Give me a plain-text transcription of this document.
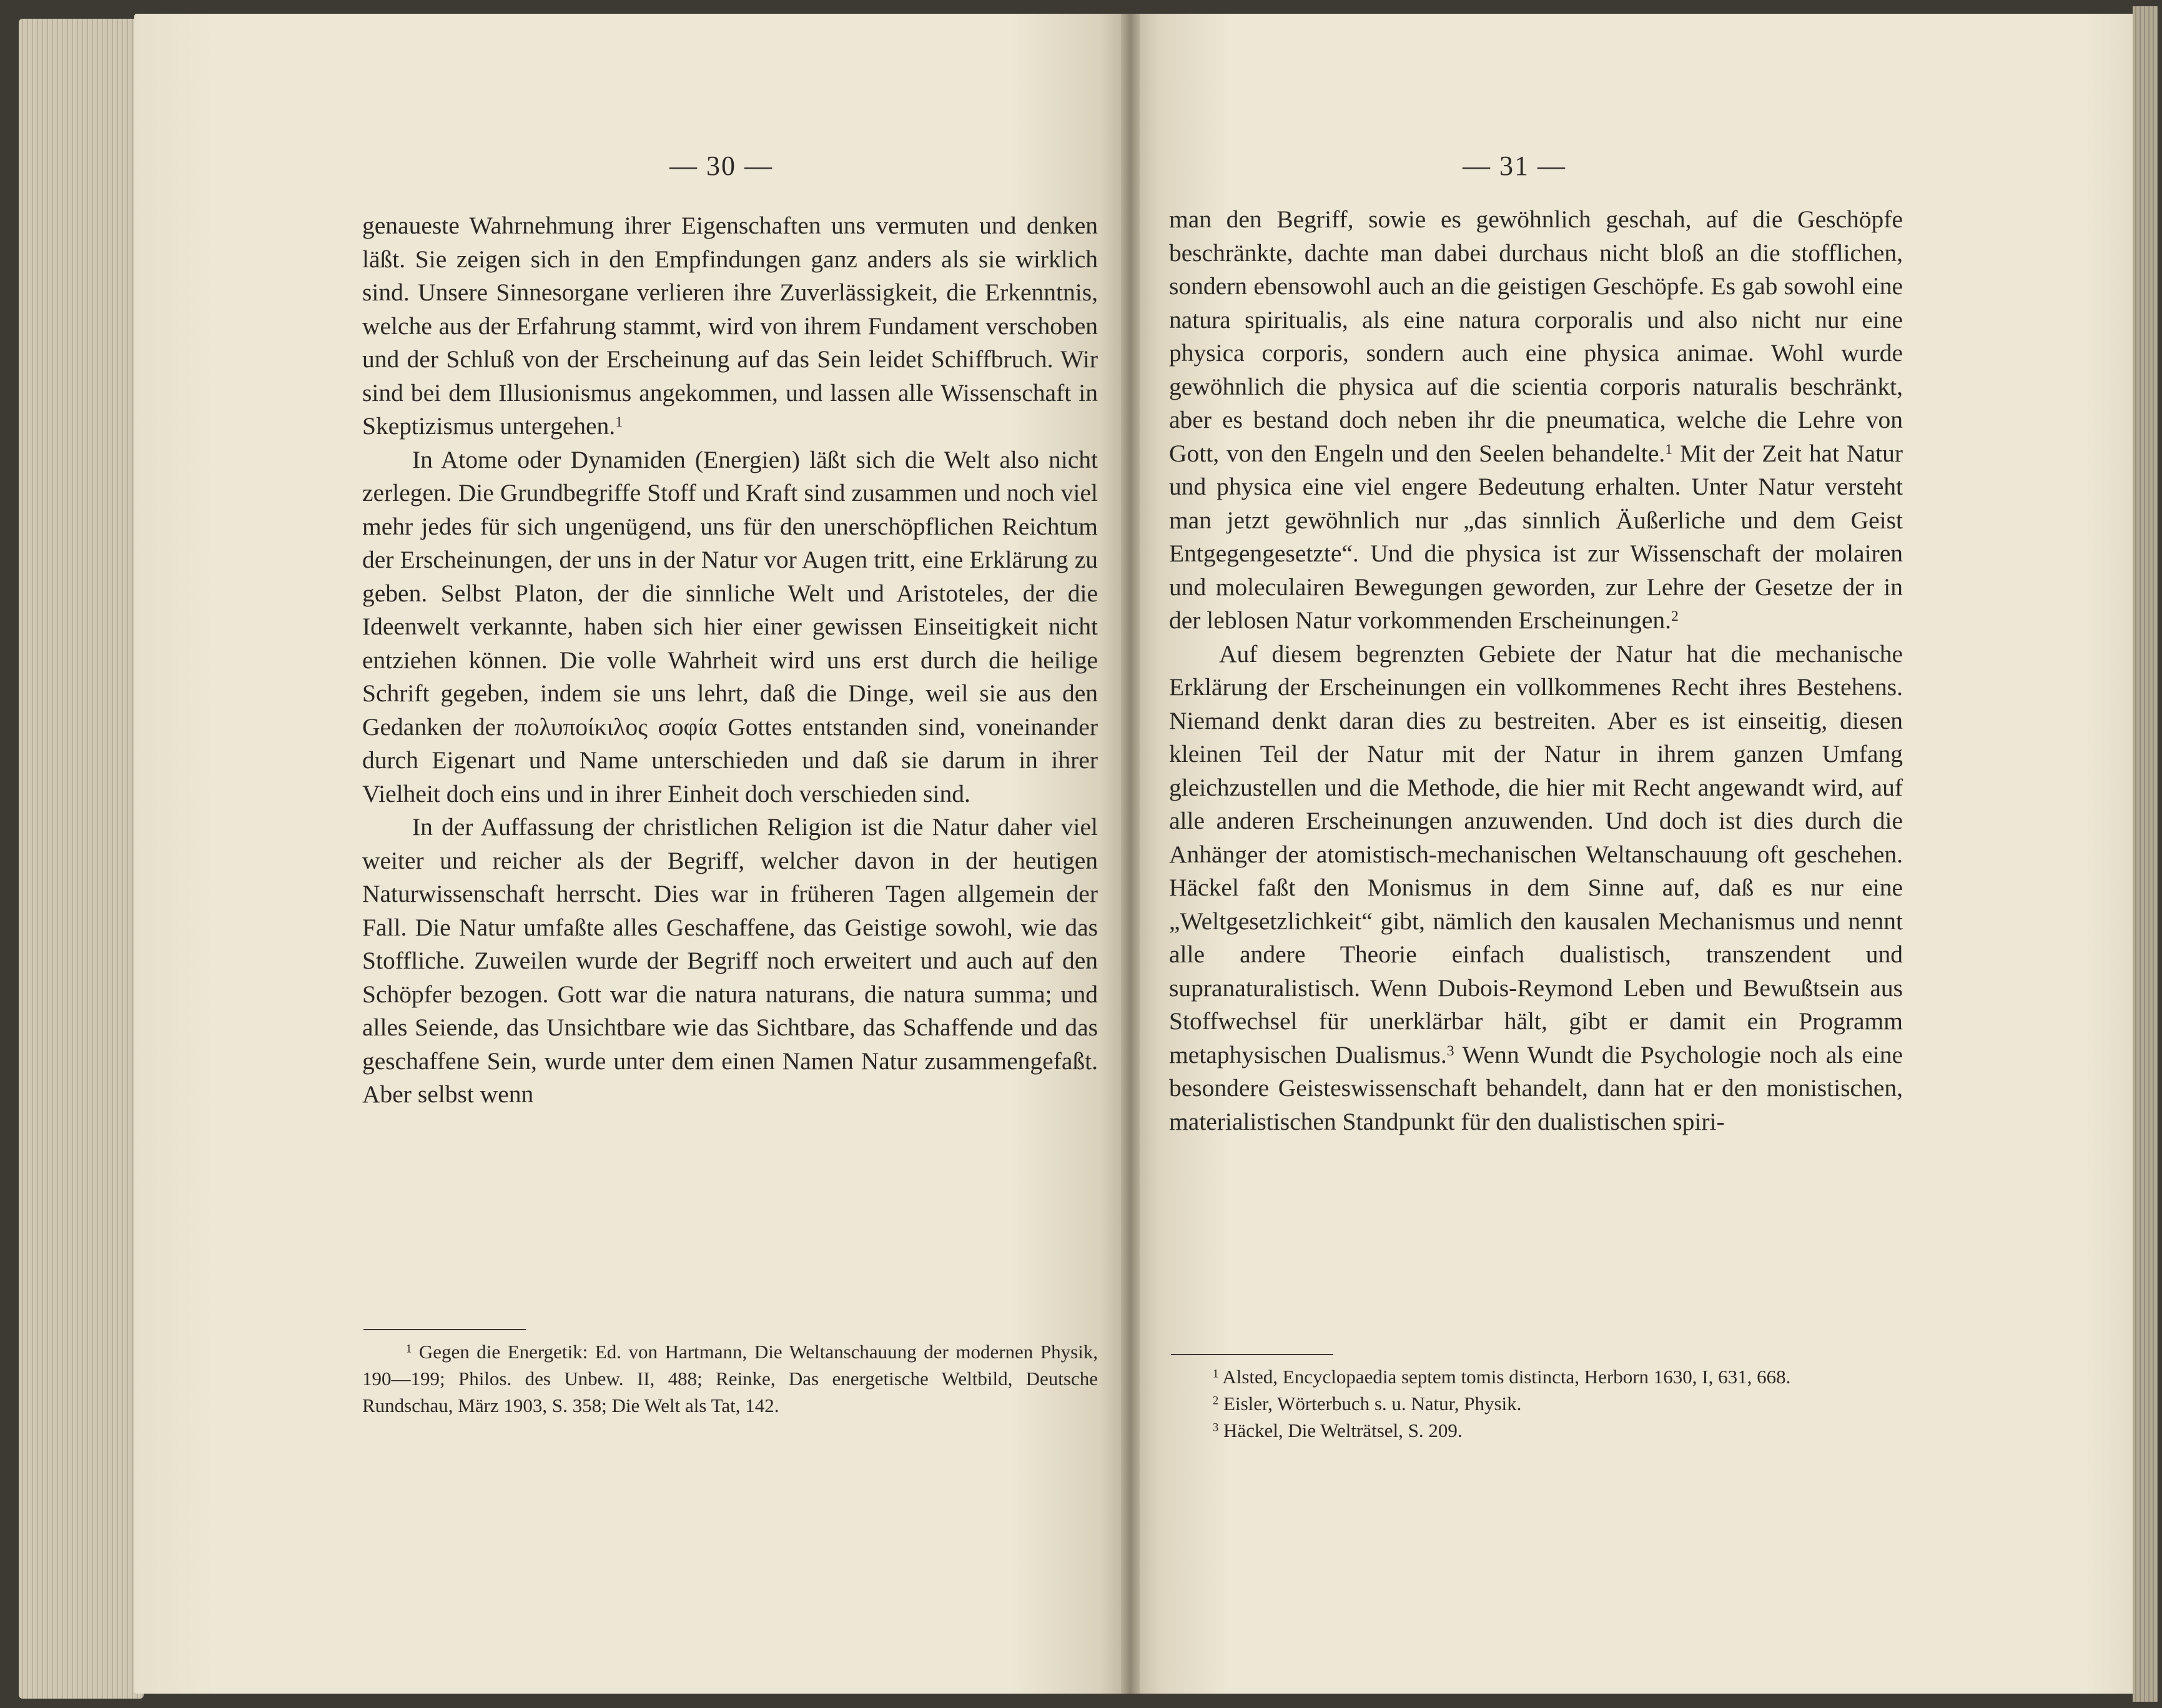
— 30 —

genaueste Wahrnehmung ihrer Eigenschaften uns vermuten und denken läßt. Sie zeigen sich in den Empfindungen ganz anders als sie wirklich sind. Unsere Sinnesorgane verlieren ihre Zuverlässigkeit, die Erkenntnis, welche aus der Erfahrung stammt, wird von ihrem Fundament verschoben und der Schluß von der Erscheinung auf das Sein leidet Schiffbruch. Wir sind bei dem Illusionismus angekommen, und lassen alle Wissenschaft in Skeptizismus untergehen.$^1$

In Atome oder Dynamiden (Energien) läßt sich die Welt also nicht zerlegen. Die Grundbegriffe Stoff und Kraft sind zusammen und noch viel mehr jedes für sich ungenügend, uns für den unerschöpflichen Reichtum der Erscheinungen, der uns in der Natur vor Augen tritt, eine Erklärung zu geben. Selbst Platon, der die sinnliche Welt und Aristoteles, der die Ideenwelt verkannte, haben sich hier einer gewissen Einseitigkeit nicht entziehen können. Die volle Wahrheit wird uns erst durch die heilige Schrift gegeben, indem sie uns lehrt, daß die Dinge, weil sie aus den Gedanken der πολυποίκιλος σοφία Gottes entstanden sind, voneinander durch Eigenart und Name unterschieden und daß sie darum in ihrer Vielheit doch eins und in ihrer Einheit doch verschieden sind.

In der Auffassung der christlichen Religion ist die Natur daher viel weiter und reicher als der Begriff, welcher davon in der heutigen Naturwissenschaft herrscht. Dies war in früheren Tagen allgemein der Fall. Die Natur umfaßte alles Geschaffene, das Geistige sowohl, wie das Stoffliche. Zuweilen wurde der Begriff noch erweitert und auch auf den Schöpfer bezogen. Gott war die natura naturans, die natura summa; und alles Seiende, das Unsichtbare wie das Sichtbare, das Schaffende und das geschaffene Sein, wurde unter dem einen Namen Natur zusammengefaßt. Aber selbst wenn

$^1$ Gegen die Energetik: Ed. von Hartmann, Die Weltanschauung der modernen Physik, 190—199; Philos. des Unbew. II, 488; Reinke, Das energetische Weltbild, Deutsche Rundschau, März 1903, S. 358; Die Welt als Tat, 142.

— 31 —

man den Begriff, sowie es gewöhnlich geschah, auf die Geschöpfe beschränkte, dachte man dabei durchaus nicht bloß an die stofflichen, sondern ebensowohl auch an die geistigen Geschöpfe. Es gab sowohl eine natura spiritualis, als eine natura corporalis und also nicht nur eine physica corporis, sondern auch eine physica animae. Wohl wurde gewöhnlich die physica auf die scientia corporis naturalis beschränkt, aber es bestand doch neben ihr die pneumatica, welche die Lehre von Gott, von den Engeln und den Seelen behandelte.$^1$ Mit der Zeit hat Natur und physica eine viel engere Bedeutung erhalten. Unter Natur versteht man jetzt gewöhnlich nur „das sinnlich Äußerliche und dem Geist Entgegengesetzte“. Und die physica ist zur Wissenschaft der molairen und moleculairen Bewegungen geworden, zur Lehre der Gesetze der in der leblosen Natur vorkommenden Erscheinungen.$^2$

Auf diesem begrenzten Gebiete der Natur hat die mechanische Erklärung der Erscheinungen ein vollkommenes Recht ihres Bestehens. Niemand denkt daran dies zu bestreiten. Aber es ist einseitig, diesen kleinen Teil der Natur mit der Natur in ihrem ganzen Umfang gleichzustellen und die Methode, die hier mit Recht angewandt wird, auf alle anderen Erscheinungen anzuwenden. Und doch ist dies durch die Anhänger der atomistisch-mechanischen Weltanschauung oft geschehen. Häckel faßt den Monismus in dem Sinne auf, daß es nur eine „Weltgesetzlichkeit“ gibt, nämlich den kausalen Mechanismus und nennt alle andere Theorie einfach dualistisch, transzendent und supranaturalistisch. Wenn Dubois-Reymond Leben und Bewußtsein aus Stoffwechsel für unerklärbar hält, gibt er damit ein Programm metaphysischen Dualismus.$^3$ Wenn Wundt die Psychologie noch als eine besondere Geisteswissenschaft behandelt, dann hat er den monistischen, materialistischen Standpunkt für den dualistischen spiri-

$^1$ Alsted, Encyclopaedia septem tomis distincta, Herborn 1630, I, 631, 668.

$^2$ Eisler, Wörterbuch s. u. Natur, Physik.

$^3$ Häckel, Die Welträtsel, S. 209.
